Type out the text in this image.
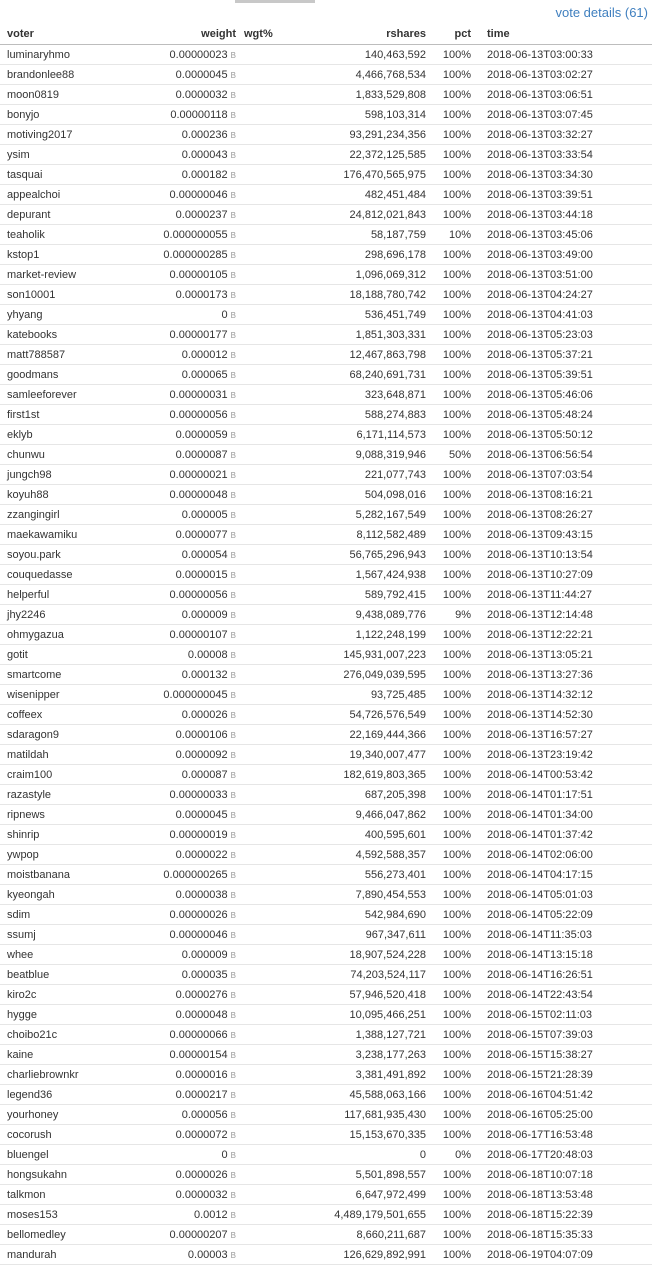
vote details (61)
voter	weight	wgt%	rshares	pct	time
luminaryhmo	0.00000023 B		140,463,592	100%	2018-06-13T03:00:33
brandonlee88	0.0000045 B		4,466,768,534	100%	2018-06-13T03:02:27
moon0819	0.0000032 B		1,833,529,808	100%	2018-06-13T03:06:51
bonyjo	0.00000118 B		598,103,314	100%	2018-06-13T03:07:45
motiving2017	0.000236 B		93,291,234,356	100%	2018-06-13T03:32:27
ysim	0.000043 B		22,372,125,585	100%	2018-06-13T03:33:54
tasquai	0.000182 B		176,470,565,975	100%	2018-06-13T03:34:30
appealchoi	0.00000046 B		482,451,484	100%	2018-06-13T03:39:51
depurant	0.0000237 B		24,812,021,843	100%	2018-06-13T03:44:18
teaholik	0.000000055 B		58,187,759	10%	2018-06-13T03:45:06
kstop1	0.000000285 B		298,696,178	100%	2018-06-13T03:49:00
market-review	0.00000105 B		1,096,069,312	100%	2018-06-13T03:51:00
son10001	0.0000173 B		18,188,780,742	100%	2018-06-13T04:24:27
yhyang	0 B		536,451,749	100%	2018-06-13T04:41:03
katebooks	0.00000177 B		1,851,303,331	100%	2018-06-13T05:23:03
matt788587	0.000012 B		12,467,863,798	100%	2018-06-13T05:37:21
goodmans	0.000065 B		68,240,691,731	100%	2018-06-13T05:39:51
samleeforever	0.00000031 B		323,648,871	100%	2018-06-13T05:46:06
first1st	0.00000056 B		588,274,883	100%	2018-06-13T05:48:24
eklyb	0.0000059 B		6,171,114,573	100%	2018-06-13T05:50:12
chunwu	0.0000087 B		9,088,319,946	50%	2018-06-13T06:56:54
jungch98	0.00000021 B		221,077,743	100%	2018-06-13T07:03:54
koyuh88	0.00000048 B		504,098,016	100%	2018-06-13T08:16:21
zzangingirl	0.000005 B		5,282,167,549	100%	2018-06-13T08:26:27
maekawamiku	0.0000077 B		8,112,582,489	100%	2018-06-13T09:43:15
soyou.park	0.000054 B		56,765,296,943	100%	2018-06-13T10:13:54
couquedasse	0.0000015 B		1,567,424,938	100%	2018-06-13T10:27:09
helperful	0.00000056 B		589,792,415	100%	2018-06-13T11:44:27
jhy2246	0.000009 B		9,438,089,776	9%	2018-06-13T12:14:48
ohmygazua	0.00000107 B		1,122,248,199	100%	2018-06-13T12:22:21
gotit	0.00008 B		145,931,007,223	100%	2018-06-13T13:05:21
smartcome	0.000132 B		276,049,039,595	100%	2018-06-13T13:27:36
wisenipper	0.000000045 B		93,725,485	100%	2018-06-13T14:32:12
coffeex	0.000026 B		54,726,576,549	100%	2018-06-13T14:52:30
sdaragon9	0.0000106 B		22,169,444,366	100%	2018-06-13T16:57:27
matildah	0.0000092 B		19,340,007,477	100%	2018-06-13T23:19:42
craim100	0.000087 B		182,619,803,365	100%	2018-06-14T00:53:42
razastyle	0.00000033 B		687,205,398	100%	2018-06-14T01:17:51
ripnews	0.0000045 B		9,466,047,862	100%	2018-06-14T01:34:00
shinrip	0.00000019 B		400,595,601	100%	2018-06-14T01:37:42
ywpop	0.0000022 B		4,592,588,357	100%	2018-06-14T02:06:00
moistbanana	0.000000265 B		556,273,401	100%	2018-06-14T04:17:15
kyeongah	0.0000038 B		7,890,454,553	100%	2018-06-14T05:01:03
sdim	0.00000026 B		542,984,690	100%	2018-06-14T05:22:09
ssumj	0.00000046 B		967,347,611	100%	2018-06-14T11:35:03
whee	0.000009 B		18,907,524,228	100%	2018-06-14T13:15:18
beatblue	0.000035 B		74,203,524,117	100%	2018-06-14T16:26:51
kiro2c	0.0000276 B		57,946,520,418	100%	2018-06-14T22:43:54
hygge	0.0000048 B		10,095,466,251	100%	2018-06-15T02:11:03
choibo21c	0.00000066 B		1,388,127,721	100%	2018-06-15T07:39:03
kaine	0.00000154 B		3,238,177,263	100%	2018-06-15T15:38:27
charliebrownkr	0.0000016 B		3,381,491,892	100%	2018-06-15T21:28:39
legend36	0.0000217 B		45,588,063,166	100%	2018-06-16T04:51:42
yourhoney	0.000056 B		117,681,935,430	100%	2018-06-16T05:25:00
cocorush	0.0000072 B		15,153,670,335	100%	2018-06-17T16:53:48
bluengel	0 B		0	0%	2018-06-17T20:48:03
hongsukahn	0.0000026 B		5,501,898,557	100%	2018-06-18T10:07:18
talkmon	0.0000032 B		6,647,972,499	100%	2018-06-18T13:53:48
moses153	0.0012 B		4,489,179,501,655	100%	2018-06-18T15:22:39
bellomedley	0.00000207 B		8,660,211,687	100%	2018-06-18T15:35:33
mandurah	0.00003 B		126,629,892,991	100%	2018-06-19T04:07:09
